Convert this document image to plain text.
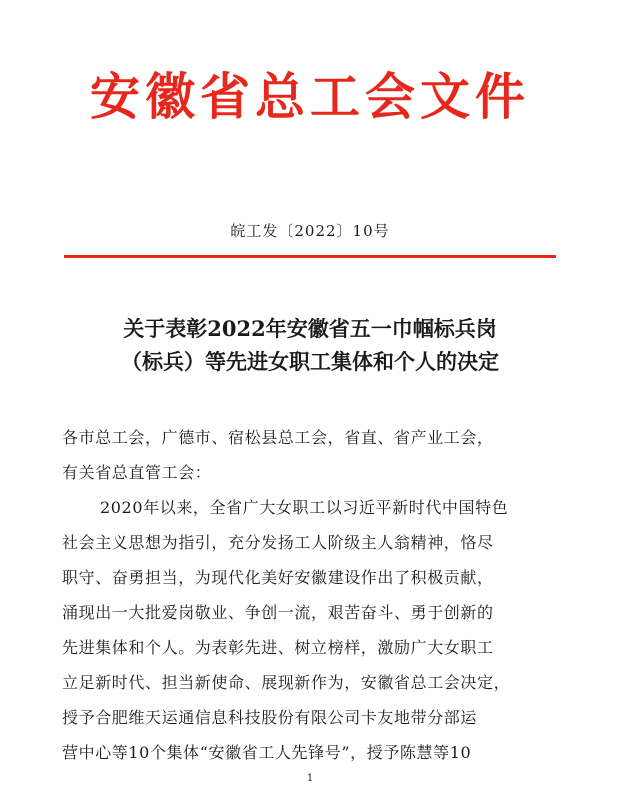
安徽省总工会文件
皖工发〔2022〕10号
关于表彰2022年安徽省五一巾帼标兵岗
（标兵）等先进女职工集体和个人的决定
各市总工会，广德市、宿松县总工会，省直、省产业工会，
有关省总直管工会：
2020年以来，全省广大女职工以习近平新时代中国特色
社会主义思想为指引，充分发扬工人阶级主人翁精神，恪尽
职守、奋勇担当，为现代化美好安徽建设作出了积极贡献，
涌现出一大批爱岗敬业、争创一流，艰苦奋斗、勇于创新的
先进集体和个人。为表彰先进、树立榜样，激励广大女职工
立足新时代、担当新使命、展现新作为，安徽省总工会决定，
授予合肥维天运通信息科技股份有限公司卡友地带分部运
营中心等10个集体“安徽省工人先锋号”，授予陈慧等10
1
